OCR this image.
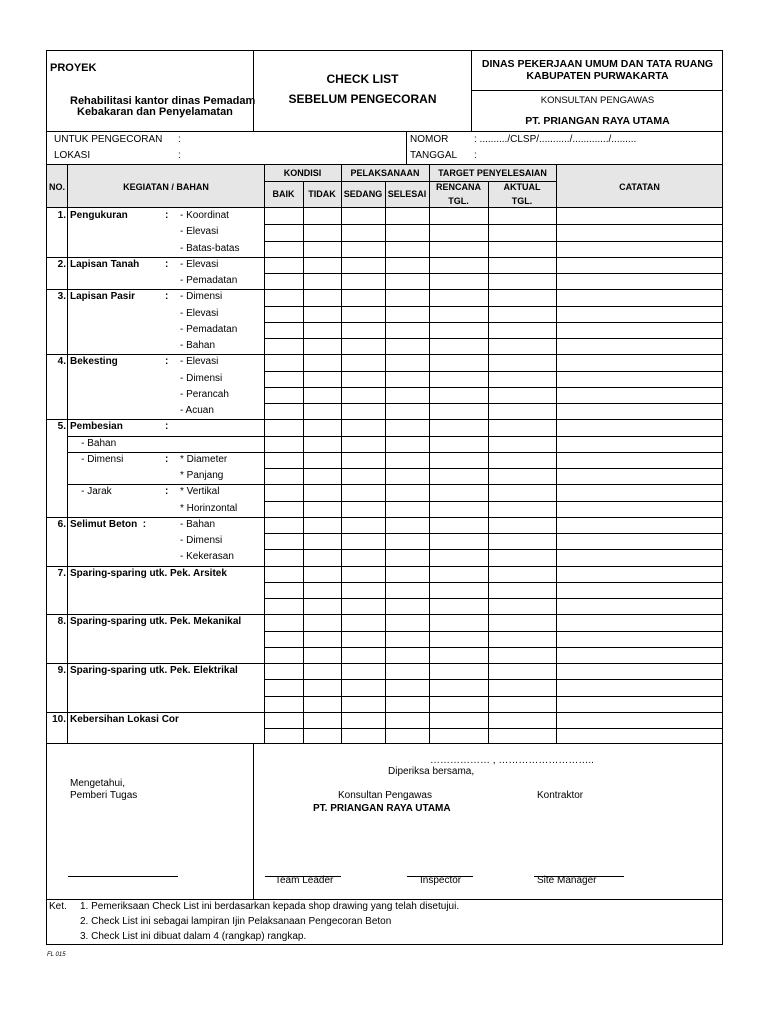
PROYEK
Rehabilitasi kantor dinas Pemadam
Kebakaran dan Penyelamatan
CHECK LIST
SEBELUM PENGECORAN
DINAS PEKERJAAN UMUM DAN TATA RUANG
KABUPATEN PURWAKARTA
KONSULTAN PENGAWAS
PT. PRIANGAN RAYA UTAMA
UNTUK PENGECORAN :
LOKASI	:
NOMOR	: ........../CLSP/.........../............./.........
TANGGAL :
NO.	KEGIATAN / BAHAN
KONDISI
BAIK	TIDAK
PELAKSANAAN
SEDANG SELESAI
TARGET PENYELESAIAN
RENCANA
TGL.
AKTUAL
TGL.
CATATAN
1. Pengukuran	: - Koordinat
- Elevasi
- Batas-batas
2. Lapisan Tanah	: - Elevasi
- Pemadatan
3. Lapisan Pasir	: - Dimensi
- Elevasi
- Pemadatan
- Bahan
4. Bekesting	: - Elevasi
- Dimensi
- Perancah
- Acuan
5. Pembesian	:
- Bahan
- Dimensi	: * Diameter
* Panjang
- Jarak	: * Vertikal
* Horinzontal
6. Selimut Beton  :	- Bahan
- Dimensi
- Kekerasan
7. Sparing-sparing utk. Pek. Arsitek
8. Sparing-sparing utk. Pek. Mekanikal
9. Sparing-sparing utk. Pek. Elektrikal
10. Kebersihan Lokasi Cor
……………… , ………………………..
Diperiksa bersama,
Mengetahui,
Pemberi Tugas	Konsultan Pengawas
PT. PRIANGAN RAYA UTAMA
Kontraktor
Team Leader	Inspector	Site Manager
Ket. 1. Pemeriksaan Check List ini berdasarkan kepada shop drawing yang telah disetujui.
2. Check List ini sebagai lampiran Ijin Pelaksanaan Pengecoran Beton
3. Check List ini dibuat dalam 4 (rangkap) rangkap.
FL 015
